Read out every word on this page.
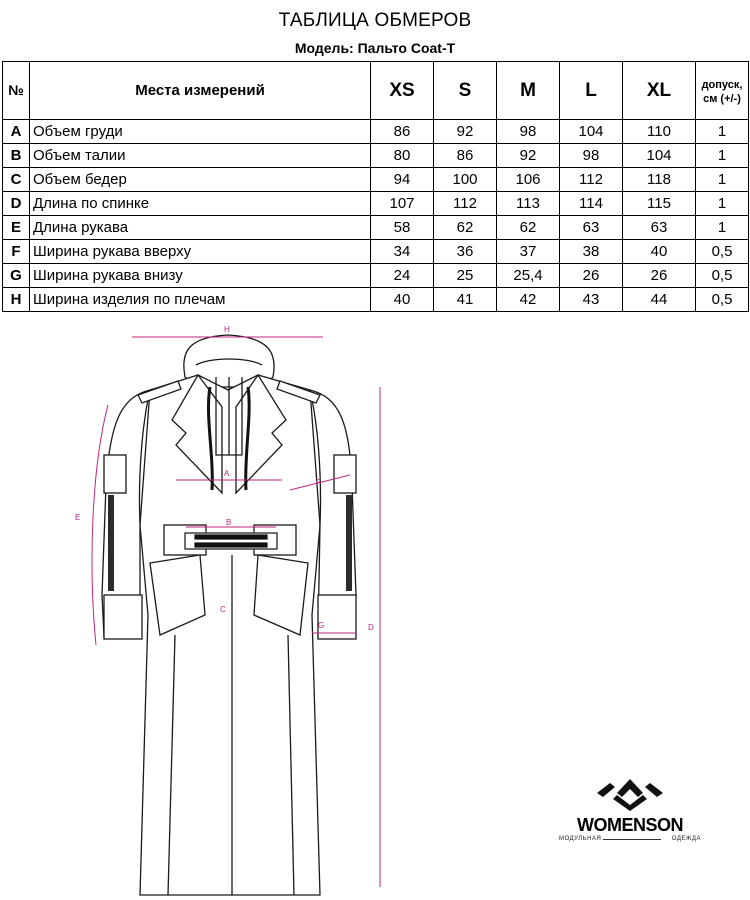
ТАБЛИЦА ОБМЕРОВ
Модель: Пальто Coat-T
№	Места измерений	XS	S	M	L	XL	допуск,
см (+/-)
A	Объем груди	86	92	98	104	110	1
B	Объем талии	80	86	92	98	104	1
C	Объем бедер	94	100	106	112	118	1
D	Длина по спинке	107	112	113	114	115	1
E	Длина рукава	58	62	62	63	63	1
F	Ширина рукава вверху	34	36	37	38	40	0,5
G	Ширина рукава внизу	24	25	25,4	26	26	0,5
H	Ширина изделия по плечам	40	41	42	43	44	0,5
H
A
B
C
D
E
F
G
WOMENSON
МОДУЛЬНАЯ	ОДЕЖДА
